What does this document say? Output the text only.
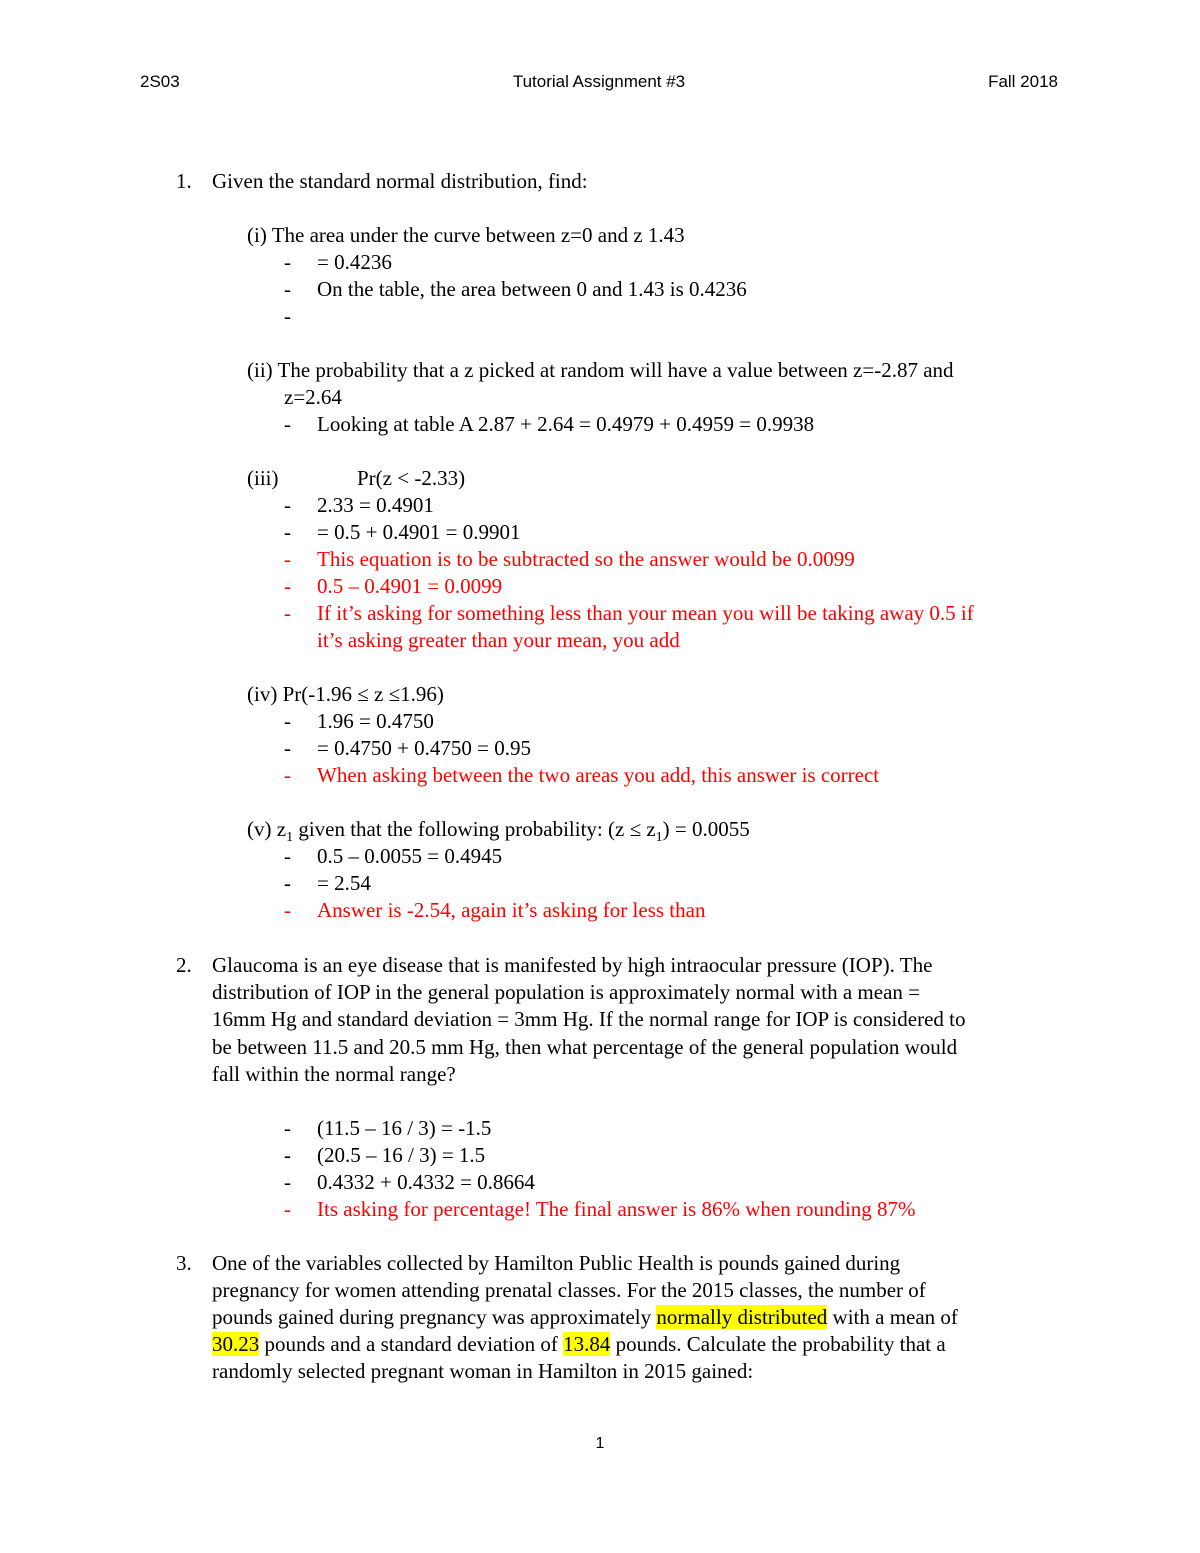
2S03	Tutorial Assignment #3	Fall 2018
1. Given the standard normal distribution, find:
(i) The area under the curve between z=0 and z 1.43
- = 0.4236
- On the table, the area between 0 and 1.43 is 0.4236
-
(ii) The probability that a z picked at random will have a value between z=-2.87 and
z=2.64
- Looking at table A 2.87 + 2.64 = 0.4979 + 0.4959 = 0.9938
(iii)	Pr(z < -2.33)
- 2.33 = 0.4901
- = 0.5 + 0.4901 = 0.9901
- This equation is to be subtracted so the answer would be 0.0099
- 0.5 – 0.4901 = 0.0099
- If it’s asking for something less than your mean you will be taking away 0.5 if
it’s asking greater than your mean, you add
(iv) Pr(-1.96 ≤ z ≤1.96)
- 1.96 = 0.4750
- = 0.4750 + 0.4750 = 0.95
- When asking between the two areas you add, this answer is correct
(v) $z_1$ given that the following probability: $(z \le z_1) = 0.0055$
- 0.5 – 0.0055 = 0.4945
- = 2.54
- Answer is -2.54, again it’s asking for less than
2. Glaucoma is an eye disease that is manifested by high intraocular pressure (IOP). The
distribution of IOP in the general population is approximately normal with a mean =
16mm Hg and standard deviation = 3mm Hg. If the normal range for IOP is considered to
be between 11.5 and 20.5 mm Hg, then what percentage of the general population would
fall within the normal range?
- (11.5 – 16 / 3) = -1.5
- (20.5 – 16 / 3) = 1.5
- 0.4332 + 0.4332 = 0.8664
- Its asking for percentage! The final answer is 86% when rounding 87%
3. One of the variables collected by Hamilton Public Health is pounds gained during
pregnancy for women attending prenatal classes. For the 2015 classes, the number of
pounds gained during pregnancy was approximately normally distributed with a mean of
30.23 pounds and a standard deviation of 13.84 pounds. Calculate the probability that a
randomly selected pregnant woman in Hamilton in 2015 gained:
1
